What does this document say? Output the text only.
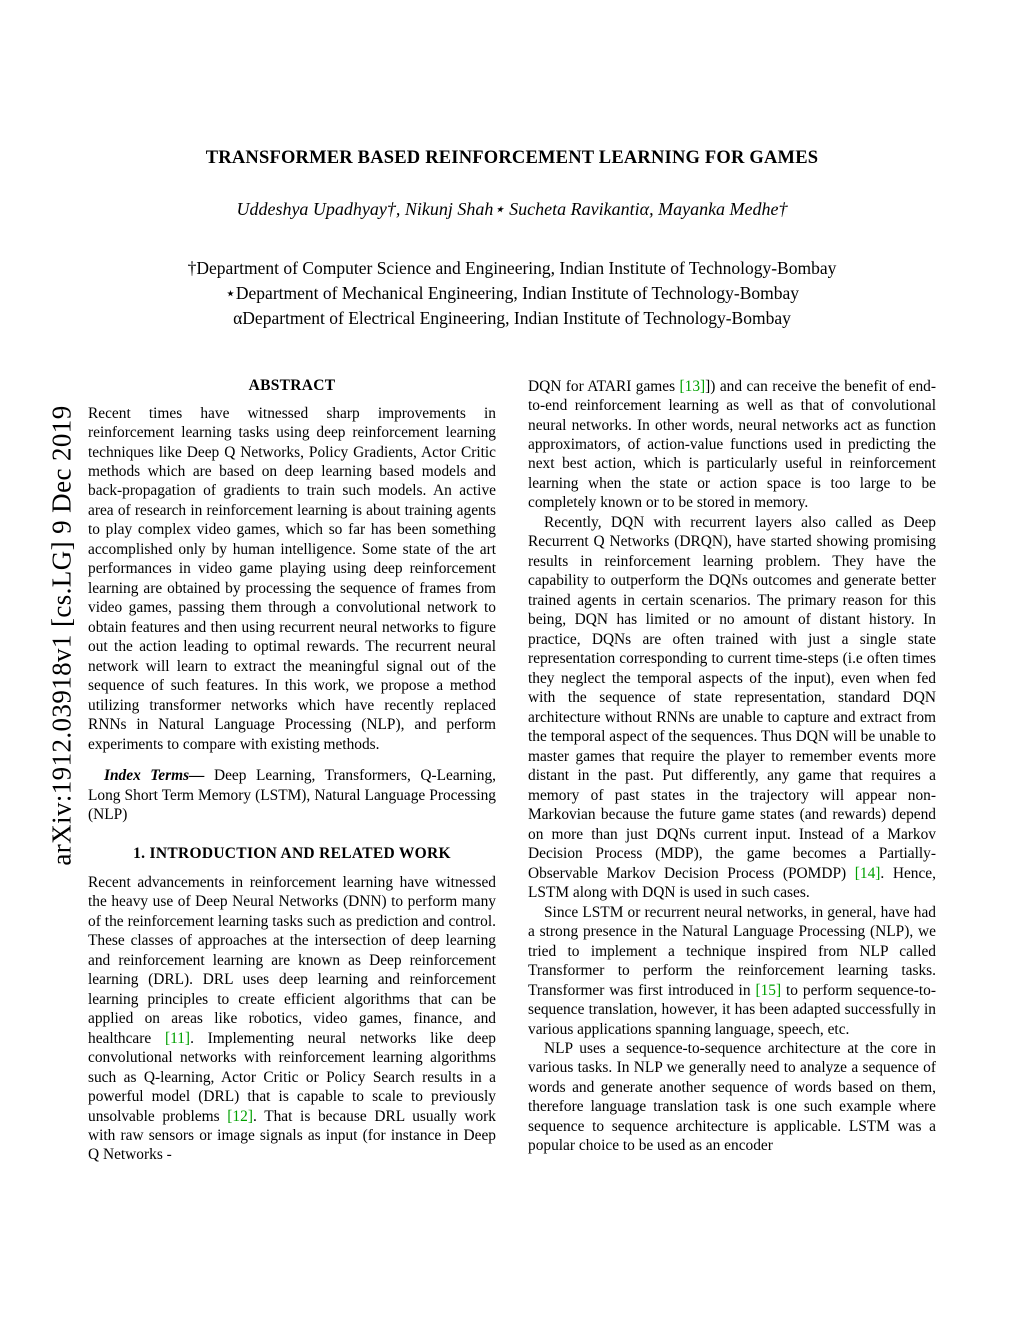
arXiv:1912.03918v1 [cs.LG] 9 Dec 2019
TRANSFORMER BASED REINFORCEMENT LEARNING FOR GAMES
Uddeshya Upadhyay†, Nikunj Shah⋆ Sucheta Ravikantiα, Mayanka Medhe†
†Department of Computer Science and Engineering, Indian Institute of Technology-Bombay
⋆Department of Mechanical Engineering, Indian Institute of Technology-Bombay
αDepartment of Electrical Engineering, Indian Institute of Technology-Bombay
ABSTRACT

Recent times have witnessed sharp improvements in reinforcement learning tasks using deep reinforcement learning techniques like Deep Q Networks, Policy Gradients, Actor Critic methods which are based on deep learning based models and back-propagation of gradients to train such models. An active area of research in reinforcement learning is about training agents to play complex video games, which so far has been something accomplished only by human intelligence. Some state of the art performances in video game playing using deep reinforcement learning are obtained by processing the sequence of frames from video games, passing them through a convolutional network to obtain features and then using recurrent neural networks to figure out the action leading to optimal rewards. The recurrent neural network will learn to extract the meaningful signal out of the sequence of such features. In this work, we propose a method utilizing transformer networks which have recently replaced RNNs in Natural Language Processing (NLP), and perform experiments to compare with existing methods.

Index Terms— Deep Learning, Transformers, Q-Learning, Long Short Term Memory (LSTM), Natural Language Processing (NLP)

1. INTRODUCTION AND RELATED WORK

Recent advancements in reinforcement learning have witnessed the heavy use of Deep Neural Networks (DNN) to perform many of the reinforcement learning tasks such as prediction and control. These classes of approaches at the intersection of deep learning and reinforcement learning are known as Deep reinforcement learning (DRL). DRL uses deep learning and reinforcement learning principles to create efficient algorithms that can be applied on areas like robotics, video games, finance, and healthcare [11]. Implementing neural networks like deep convolutional networks with reinforcement learning algorithms such as Q-learning, Actor Critic or Policy Search results in a powerful model (DRL) that is capable to scale to previously unsolvable problems [12]. That is because DRL usually work with raw sensors or image signals as input (for instance in Deep Q Networks -

DQN for ATARI games [13]]) and can receive the benefit of end-to-end reinforcement learning as well as that of convolutional neural networks. In other words, neural networks act as function approximators, of action-value functions used in predicting the next best action, which is particularly useful in reinforcement learning when the state or action space is too large to be completely known or to be stored in memory.

Recently, DQN with recurrent layers also called as Deep Recurrent Q Networks (DRQN), have started showing promising results in reinforcement learning problem. They have the capability to outperform the DQNs outcomes and generate better trained agents in certain scenarios. The primary reason for this being, DQN has limited or no amount of distant history. In practice, DQNs are often trained with just a single state representation corresponding to current time-steps (i.e often times they neglect the temporal aspects of the input), even when fed with the sequence of state representation, standard DQN architecture without RNNs are unable to capture and extract from the temporal aspect of the sequences. Thus DQN will be unable to master games that require the player to remember events more distant in the past. Put differently, any game that requires a memory of past states in the trajectory will appear non-Markovian because the future game states (and rewards) depend on more than just DQNs current input. Instead of a Markov Decision Process (MDP), the game becomes a Partially-Observable Markov Decision Process (POMDP) [14]. Hence, LSTM along with DQN is used in such cases.

Since LSTM or recurrent neural networks, in general, have had a strong presence in the Natural Language Processing (NLP), we tried to implement a technique inspired from NLP called Transformer to perform the reinforcement learning tasks. Transformer was first introduced in [15] to perform sequence-to-sequence translation, however, it has been adapted successfully in various applications spanning language, speech, etc.

NLP uses a sequence-to-sequence architecture at the core in various tasks. In NLP we generally need to analyze a sequence of words and generate another sequence of words based on them, therefore language translation task is one such example where sequence to sequence architecture is applicable. LSTM was a popular choice to be used as an encoder
